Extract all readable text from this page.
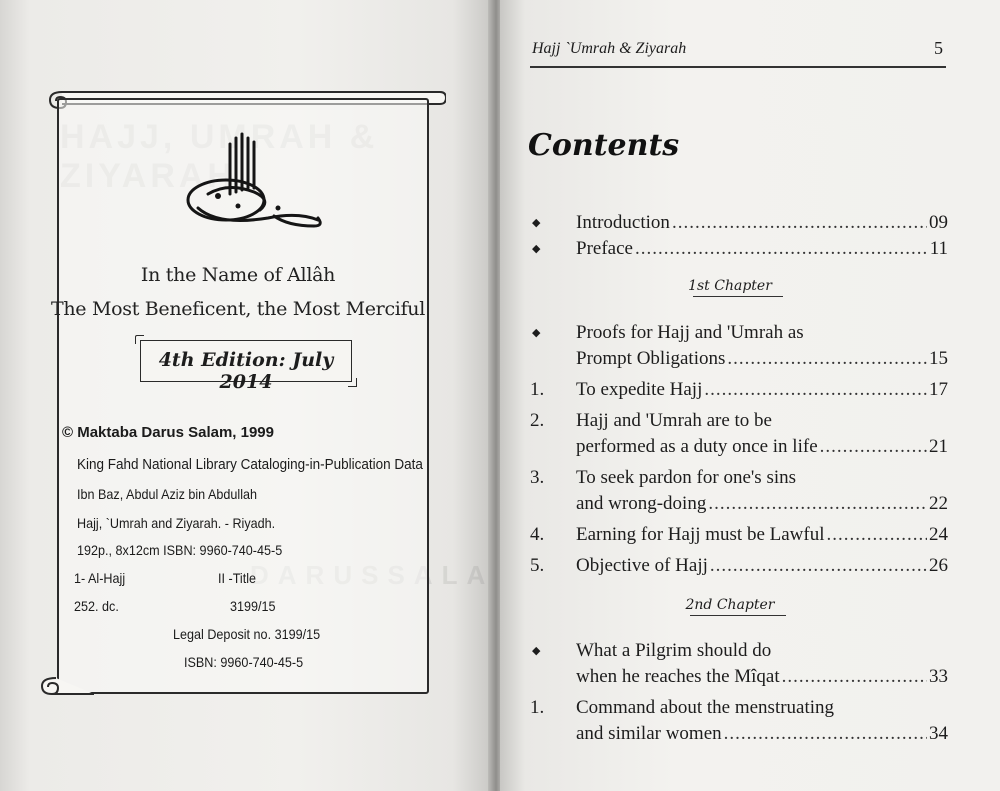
In the Name of Allâh
The Most Beneficent, the Most Merciful
4th Edition: July 2014
© Maktaba Darus Salam, 1999
King Fahd National Library Cataloging-in-Publication Data
Ibn Baz, Abdul Aziz bin Abdullah
Hajj, `Umrah and Ziyarah. - Riyadh.
192p., 8x12cm ISBN: 9960-740-45-5
1- Al-Hajj	II -Title
252. dc.	3199/15
Legal Deposit no. 3199/15
ISBN: 9960-740-45-5
Hajj `Umrah & Ziyarah	5
Contents
◆	Introduction .....	09
◆	Preface .....	11
1st Chapter
◆	Proofs for Hajj and 'Umrah as
Prompt Obligations .....	15
1.	To expedite Hajj .....	17
2.	Hajj and 'Umrah are to be
performed as a duty once in life .....	21
3.	To seek pardon for one's sins
and wrong-doing .....	22
4.	Earning for Hajj must be Lawful .....	24
5.	Objective of Hajj .....	26
2nd Chapter
◆	What a Pilgrim should do
when he reaches the Mîqat .....	33
1.	Command about the menstruating
and similar women .....	34
